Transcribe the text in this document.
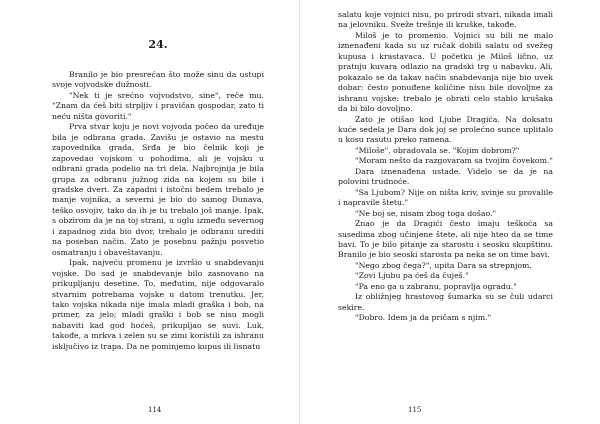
24.

Branilo je bio presrećan što može sinu da ustupi svoje vojvodske dužnosti.

"Nek ti je srećno vojvodstvo, sine", reče mu. "Znam da ćeš biti strpljiv i pravičan gospodar, zato ti neću ništa govoriti."

Prva stvar koju je novi vojvoda počeo da uređuje bila je odbrana grada. Zavišu je ostavio na mestu zapovednika grada, Srđa je bio čelnik koji je zapovedao vojskom u pohodima, ali je vojsku u odbrani grada podelio na tri dela. Najbrojnija je bila grupa za odbranu južnog zida na kojem su bile i gradske dveri. Za zapadni i istočni bedem trebalo je manje vojnika, a severni je bio do samog Dunava, teško osvojiv, tako da ih je tu trebalo još manje. Ipak, s obzirom da je na toj strani, u uglu između severnog i zapadnog zida bio dvor, trebalo je odbranu urediti na poseban način. Zato je posebnu pažnju posvetio osmatranju i obaveštavanju.

Ipak, najveću promenu je izvršio u snabdevanju vojske. Do sad je snabdevanje bilo zasnovano na prikupljanju desetine. To, međutim, nije odgovaralo stvarnim potrebama vojske u datom trenutku. Jer, tako vojska nikada nije imala mladi graška i bob, na primer, za jelo; mladi graški i bob se nisu mogli nabaviti kad god hoćeš, prikupljao se suvi. Luk, takođe, a mrkva i zelen su se zimi koristili za ishranu isključivo iz trapa. Da ne pominjemo kupus ili lisnatu

114

salatu koje vojnici nisu, po prirodi stvari, nikada imali na jelovniku. Sveže trešnje ili kruške, takođe.

Miloš je to promenio. Vojnici su bili ne malo iznenađeni kada su uz ručak dobili salatu od svežeg kupusa i krastavaca. U početku je Miloš lično, uz pratnju kuvara odlazio na gradski trg u nabavku. Ali, pokazalo se da takav način snabdevanja nije bio uvek dobar: često ponuđene količine nisu bile dovoljne za ishranu vojske: trebalo je obrati celo stablo krušaka da bi bilo dovoljno.

Zato je otišao kod Ljube Dragića. Na doksatu kuće sedela je Dara dok joj se prolećno sunce uplitalo u kosu rasutu preko ramena.

"Miloše", obradovala se. "Kojim dobrom?"

"Moram nešto da razgovaram sa tvojim čovekom."

Dara iznenađena ustade. Videlo se da je na polovini trudnoće.

"Sa Ljubom? Nije on ništa kriv, svinje su provalile i napravile štetu."

"Ne boj se, nisam zbog toga došao."

Znao je da Dragići često imaju teškoća sa susedima zbog učinjene štete, ali nije hteo da se time bavi. To je bilo pitanje za starostu i seosku skupštinu. Branilo je bio seoski starosta pa neka se on time bavi.

"Nego zbog čega?", upita Dara sa strepnjom.

"Zovi Ljubu pa ćeš da čuješ."

"Pa eno ga u zabranu, popravlja ogradu."

Iz obližnjeg hrastovog šumarka su se čuli udarci sekire.

"Dobro. Idem ja da pričam s njim."

115
